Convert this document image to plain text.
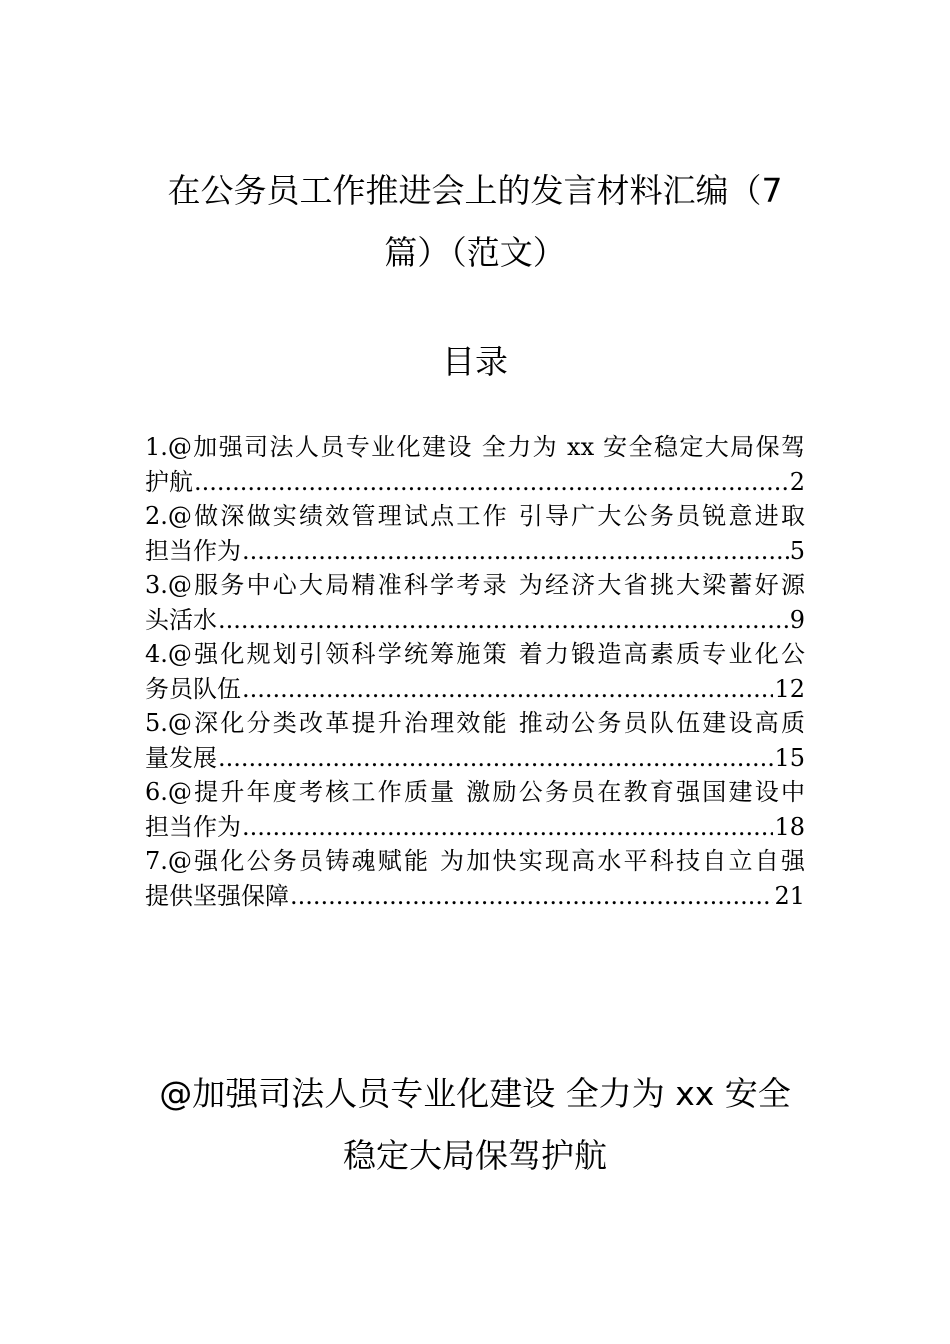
在公务员工作推进会上的发言材料汇编（7
篇）（范文）
目录
1.@加强司法人员专业化建设 全力为 xx 安全稳定大局保驾
护航 .....	2
2.@做深做实绩效管理试点工作 引导广大公务员锐意进取
担当作为 .....	5
3.@服务中心大局精准科学考录 为经济大省挑大梁蓄好源
头活水 .....	9
4.@强化规划引领科学统筹施策 着力锻造高素质专业化公
务员队伍 .....	12
5.@深化分类改革提升治理效能 推动公务员队伍建设高质
量发展 .....	15
6.@提升年度考核工作质量 激励公务员在教育强国建设中
担当作为 .....	18
7.@强化公务员铸魂赋能 为加快实现高水平科技自立自强
提供坚强保障 .....	21
@加强司法人员专业化建设 全力为 xx 安全
稳定大局保驾护航
